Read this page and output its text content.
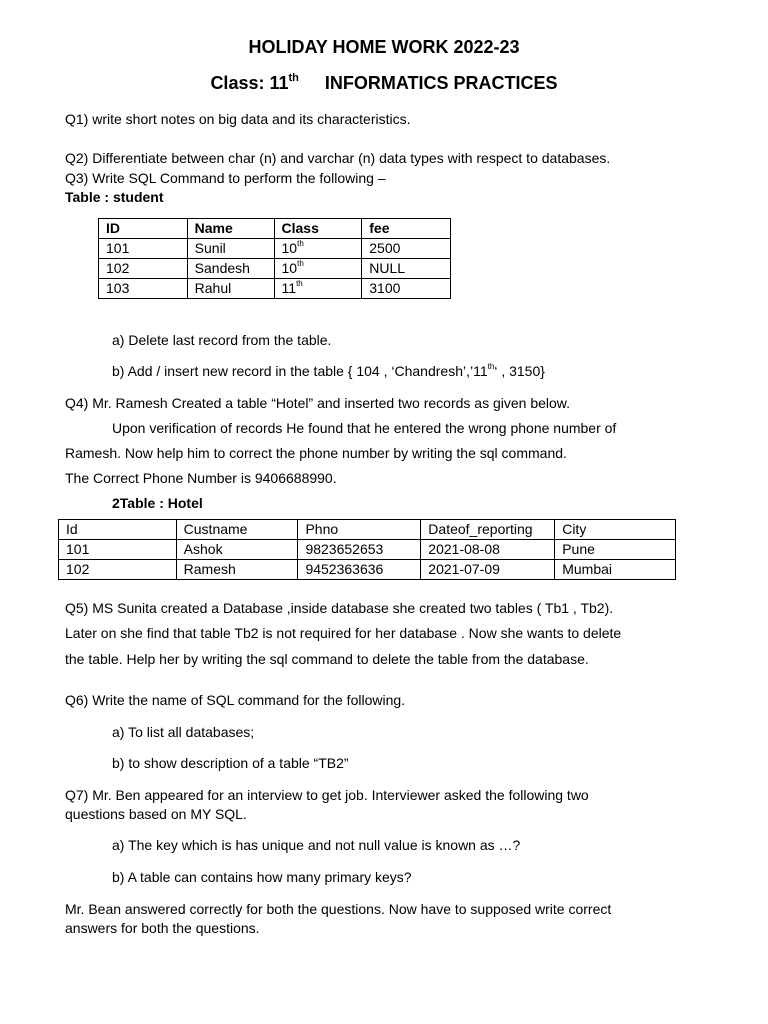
HOLIDAY HOME WORK 2022-23
Class: 11th INFORMATICS PRACTICES
Q1) write short notes on big data and its characteristics.
Q2) Differentiate between char (n) and varchar (n) data types with respect to databases.
Q3) Write SQL Command to perform the following –
Table : student
ID	Name	Class	fee
101	Sunil	10th	2500
102	Sandesh	10th	NULL
103	Rahul	11th	3100
a) Delete last record from the table.
b) Add / insert new record in the table { 104 , ‘Chandresh’,’11th‘ , 3150}
Q4) Mr. Ramesh Created a table “Hotel” and inserted two records as given below.
Upon verification of records He found that he entered the wrong phone number of
Ramesh. Now help him to correct the phone number by writing the sql command.
The Correct Phone Number is 9406688990.
2Table : Hotel
Id	Custname	Phno	Dateof_reporting	City
101	Ashok	9823652653	2021-08-08	Pune
102	Ramesh	9452363636	2021-07-09	Mumbai
Q5) MS Sunita created a Database ,inside database she created two tables ( Tb1 , Tb2).
Later on she find that table Tb2 is not required for her database . Now she wants to delete
the table. Help her by writing the sql command to delete the table from the database.
Q6) Write the name of SQL command for the following.
a) To list all databases;
b) to show description of a table “TB2”
Q7) Mr. Ben appeared for an interview to get job. Interviewer asked the following two
questions based on MY SQL.
a) The key which is has unique and not null value is known as …?
b) A table can contains how many primary keys?
Mr. Bean answered correctly for both the questions. Now have to supposed write correct
answers for both the questions.
